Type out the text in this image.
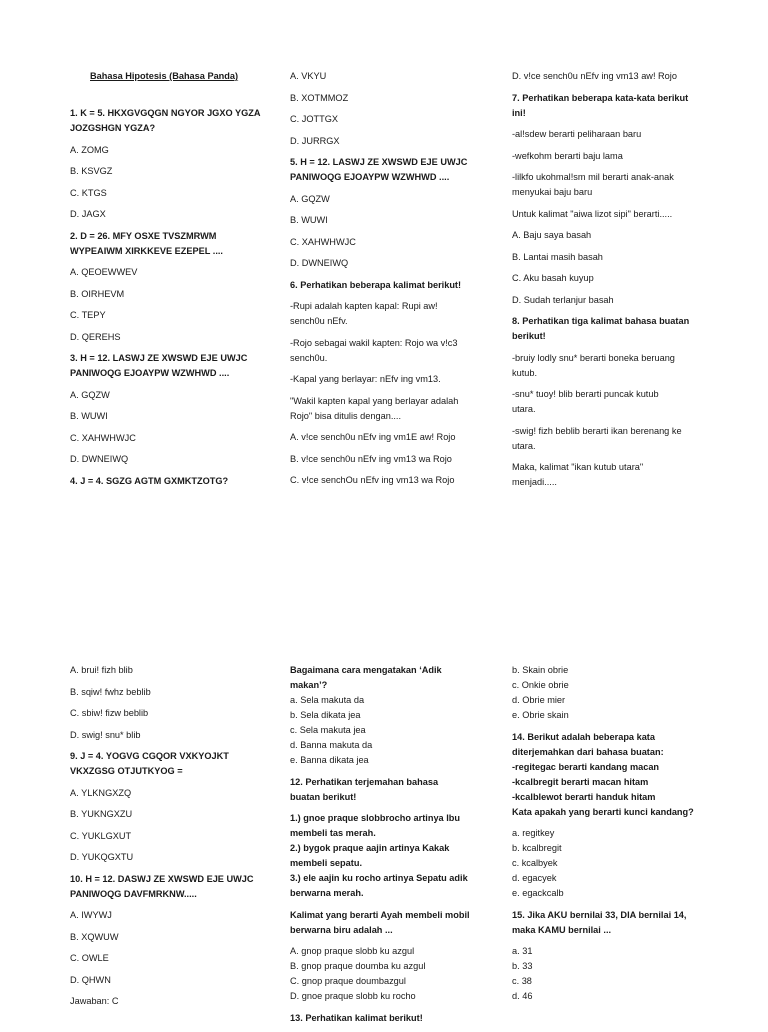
Bahasa Hipotesis (Bahasa Panda)
1. K = 5. HKXGVGQGN NGYOR JGXO YGZA
JOZGSHGN YGZA?
A. ZOMG
B. KSVGZ
C. KTGS
D. JAGX
2. D = 26. MFY OSXE TVSZMRWM
WYPEAIWM XIRKKEVE EZEPEL ....
A. QEOEWWEV
B. OIRHEVM
C. TEPY
D. QEREHS
3. H = 12. LASWJ ZE XWSWD EJE UWJC
PANIWOQG EJOAYPW WZWHWD ....
A. GQZW
B. WUWI
C. XAHWHWJC
D. DWNEIWQ
4. J = 4. SGZG AGTM GXMKTZOTG?
A. VKYU
B. XOTMMOZ
C. JOTTGX
D. JURRGX
5. H = 12. LASWJ ZE XWSWD EJE UWJC
PANIWOQG EJOAYPW WZWHWD ....
A. GQZW
B. WUWI
C. XAHWHWJC
D. DWNEIWQ
6. Perhatikan beberapa kalimat berikut!
-Rupi adalah kapten kapal: Rupi aw!
sench0u nEfv.
-Rojo sebagai wakil kapten: Rojo wa v!c3
sench0u.
-Kapal yang berlayar: nEfv ing vm13.
"Wakil kapten kapal yang berlayar adalah
Rojo" bisa ditulis dengan....
A. v!ce sench0u nEfv ing vm1E aw! Rojo
B. v!ce sench0u nEfv ing vm13 wa Rojo
C. v!ce senchOu nEfv ing vm13 wa Rojo
D. v!ce sench0u nEfv ing vm13 aw! Rojo
7. Perhatikan beberapa kata-kata berikut
ini!
-al!sdew berarti peliharaan baru
-wefkohm berarti baju lama
-lilkfo ukohmal!sm mil berarti anak-anak
menyukai baju baru
Untuk kalimat "aiwa lizot sipi" berarti.....
A. Baju saya basah
B. Lantai masih basah
C. Aku basah kuyup
D. Sudah terlanjur basah
8. Perhatikan tiga kalimat bahasa buatan
berikut!
-bruiy lodly snu* berarti boneka beruang
kutub.
-snu* tuoy! blib berarti puncak kutub
utara.
-swig! fizh beblib berarti ikan berenang ke
utara.
Maka, kalimat "ikan kutub utara"
menjadi.....
A. brui! fizh blib
B. sqiw! fwhz beblib
C. sbiw! fizw beblib
D. swig! snu* blib
9. J = 4. YOGVG CGQOR VXKYOJKT
VKXZGSG OTJUTKYOG =
A. YLKNGXZQ
B. YUKNGXZU
C. YUKLGXUT
D. YUKQGXTU
10. H = 12. DASWJ ZE XWSWD EJE UWJC
PANIWOQG DAVFMRKNW.....
A. IWYWJ
B. XQWUW
C. OWLE
D. QHWN
Jawaban: C
Bagaimana cara mengatakan ‘Adik
makan’?
a. Sela makuta da
b. Sela dikata jea
c. Sela makuta jea
d. Banna makuta da
e. Banna dikata jea
12. Perhatikan terjemahan bahasa
buatan berikut!
1.) gnoe praque slobbrocho artinya Ibu
membeli tas merah.
2.) bygok praque aajin artinya Kakak
membeli sepatu.
3.) ele aajin ku rocho artinya Sepatu adik
berwarna merah.
Kalimat yang berarti Ayah membeli mobil
berwarna biru adalah ...
A. gnop praque slobb ku azgul
B. gnop praque doumba ku azgul
C. gnop praque doumbazgul
D. gnoe praque slobb ku rocho
13. Perhatikan kalimat berikut!
b. Skain obrie
c. Onkie obrie
d. Obrie mier
e. Obrie skain
14. Berikut adalah beberapa kata
diterjemahkan dari bahasa buatan:
-regitegac berarti kandang macan
-kcalbregit berarti macan hitam
-kcalblewot berarti handuk hitam
Kata apakah yang berarti kunci kandang?
a. regitkey
b. kcalbregit
c. kcalbyek
d. egacyek
e. egackcalb
15. Jika AKU bernilai 33, DIA bernilai 14,
maka KAMU bernilai ...
a. 31
b. 33
c. 38
d. 46
